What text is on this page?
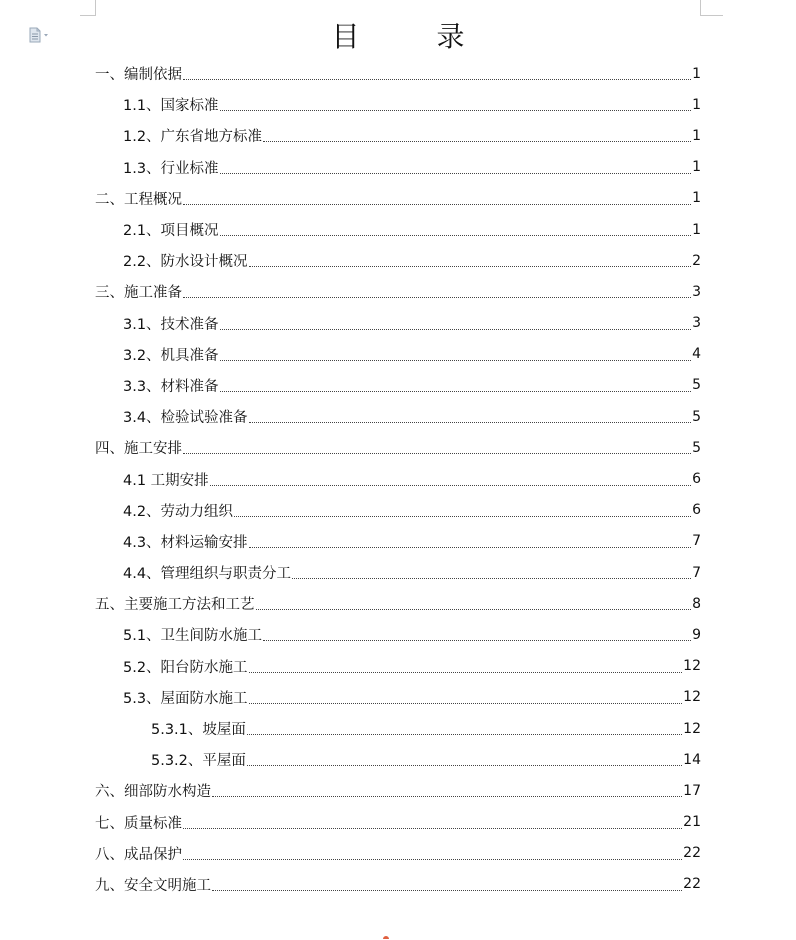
目 录
一、编制依据	1
1.1、国家标准	1
1.2、广东省地方标准	1
1.3、行业标准	1
二、工程概况	1
2.1、项目概况	1
2.2、防水设计概况	2
三、施工准备	3
3.1、技术准备	3
3.2、机具准备	4
3.3、材料准备	5
3.4、检验试验准备	5
四、施工安排	5
4.1 工期安排	6
4.2、劳动力组织	6
4.3、材料运输安排	7
4.4、管理组织与职责分工	7
五、主要施工方法和工艺	8
5.1、卫生间防水施工	9
5.2、阳台防水施工	12
5.3、屋面防水施工	12
5.3.1、坡屋面	12
5.3.2、平屋面	14
六、细部防水构造	17
七、质量标准	21
八、成品保护	22
九、安全文明施工	22
